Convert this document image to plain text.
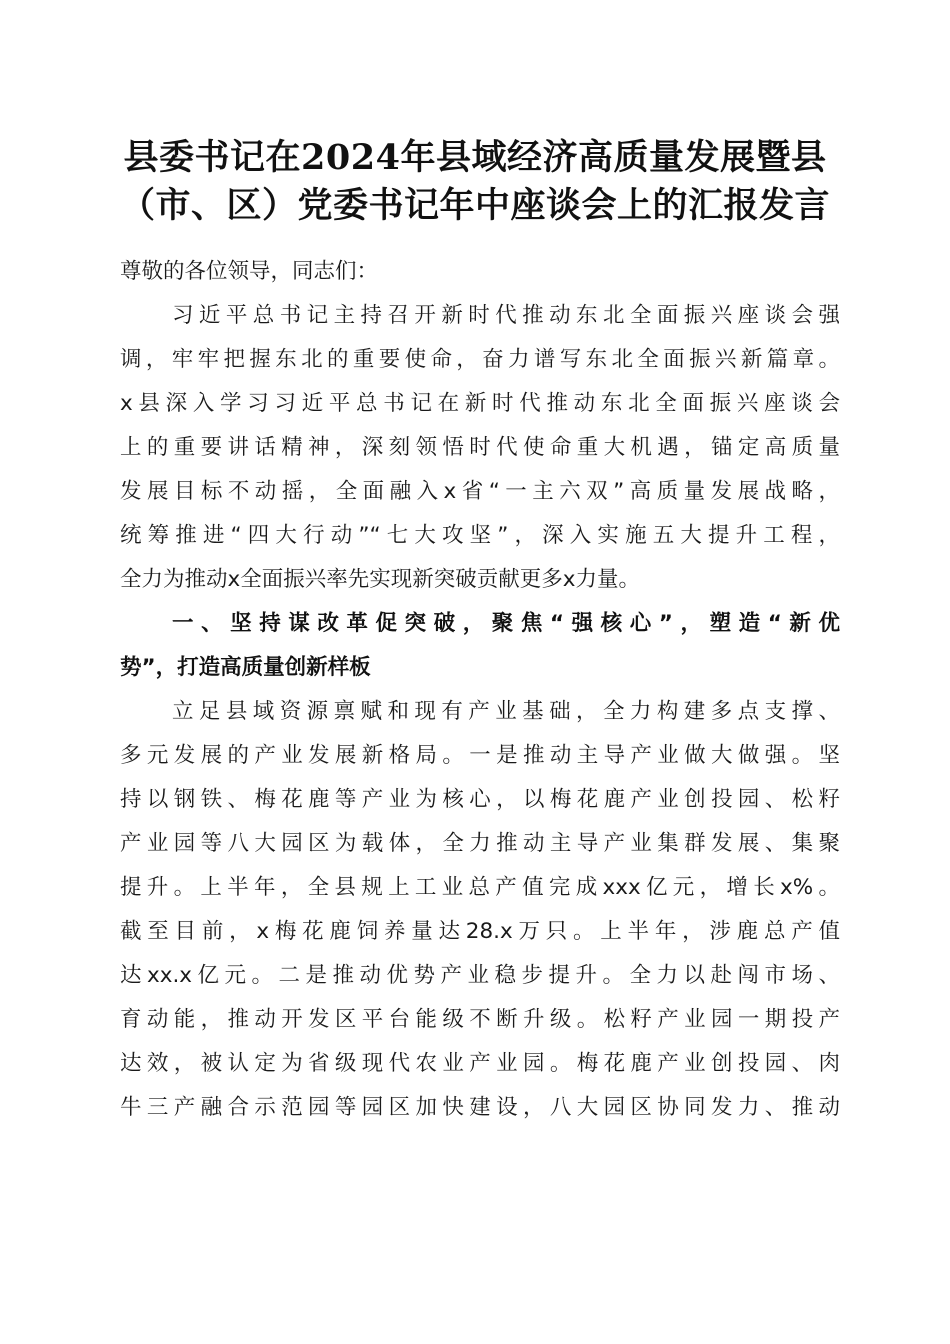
县委书记在2024年县域经济高质量发展暨县
（市、区）党委书记年中座谈会上的汇报发言
尊敬的各位领导，同志们：
习近平总书记主持召开新时代推动东北全面振兴座谈会强
调，牢牢把握东北的重要使命，奋力谱写东北全面振兴新篇章。
x县深入学习习近平总书记在新时代推动东北全面振兴座谈会
上的重要讲话精神，深刻领悟时代使命重大机遇，锚定高质量
发展目标不动摇，全面融入x省“一主六双”高质量发展战略，
统筹推进“四大行动”“七大攻坚”，深入实施五大提升工程，
全力为推动x全面振兴率先实现新突破贡献更多x力量。
一、坚持谋改革促突破，聚焦“强核心”，塑造“新优
势”，打造高质量创新样板
立足县域资源禀赋和现有产业基础，全力构建多点支撑、
多元发展的产业发展新格局。一是推动主导产业做大做强。坚
持以钢铁、梅花鹿等产业为核心，以梅花鹿产业创投园、松籽
产业园等八大园区为载体，全力推动主导产业集群发展、集聚
提升。上半年，全县规上工业总产值完成xxx亿元，增长x%。
截至目前，x梅花鹿饲养量达28.x万只。上半年，涉鹿总产值
达xx.x亿元。二是推动优势产业稳步提升。全力以赴闯市场、
育动能，推动开发区平台能级不断升级。松籽产业园一期投产
达效，被认定为省级现代农业产业园。梅花鹿产业创投园、肉
牛三产融合示范园等园区加快建设，八大园区协同发力、推动
